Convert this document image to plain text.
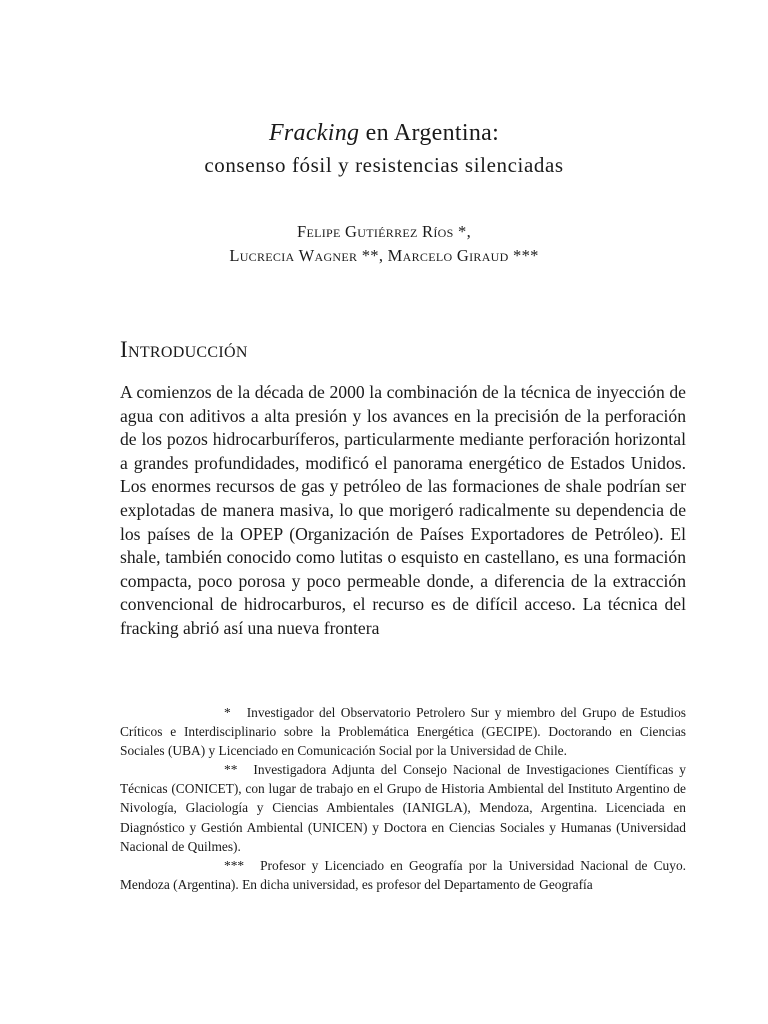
Fracking en Argentina:
consenso fósil y resistencias silenciadas
Felipe Gutiérrez Ríos *,
Lucrecia Wagner **, Marcelo Giraud ***
Introducción
A comienzos de la década de 2000 la combinación de la técnica de inyección de agua con aditivos a alta presión y los avances en la precisión de la perforación de los pozos hidrocarburíferos, particularmente mediante perforación horizontal a grandes profundidades, modificó el panorama energético de Estados Unidos. Los enormes recursos de gas y petróleo de las formaciones de shale podrían ser explotadas de manera masiva, lo que morigeró radicalmente su dependencia de los países de la OPEP (Organización de Países Exportadores de Petróleo). El shale, también conocido como lutitas o esquisto en castellano, es una formación compacta, poco porosa y poco permeable donde, a diferencia de la extracción convencional de hidrocarburos, el recurso es de difícil acceso. La técnica del fracking abrió así una nueva frontera

* Investigador del Observatorio Petrolero Sur y miembro del Grupo de Estudios Críticos e Interdisciplinario sobre la Problemática Energética (GECIPE). Doctorando en Ciencias Sociales (UBA) y Licenciado en Comunicación Social por la Universidad de Chile.

** Investigadora Adjunta del Consejo Nacional de Investigaciones Científicas y Técnicas (CONICET), con lugar de trabajo en el Grupo de Historia Ambiental del Instituto Argentino de Nivología, Glaciología y Ciencias Ambientales (IANIGLA), Mendoza, Argentina. Licenciada en Diagnóstico y Gestión Ambiental (UNICEN) y Doctora en Ciencias Sociales y Humanas (Universidad Nacional de Quilmes).

*** Profesor y Licenciado en Geografía por la Universidad Nacional de Cuyo. Mendoza (Argentina). En dicha universidad, es profesor del Departamento de Geografía
